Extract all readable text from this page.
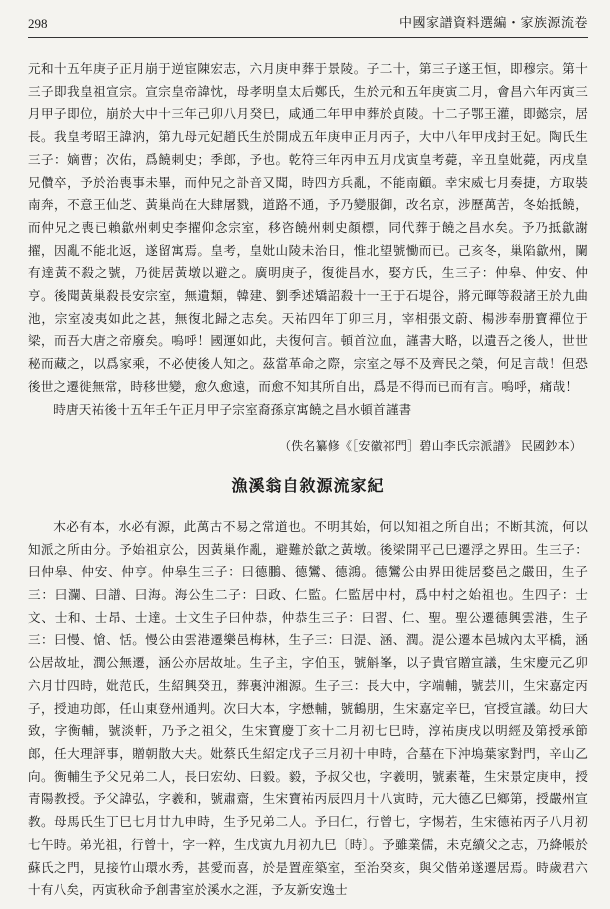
298	中國家譜資料選編・家族源流卷

元和十五年庚子正月崩于逆宦陳宏志，六月庚申葬于景陵。子二十，第三子遂王恒，即穆宗。第十三子即我皇祖宣宗。宣宗皇帝諱忱，母孝明皇太后鄭氏，生於元和五年庚寅二月，會昌六年丙寅三月甲子即位，崩於大中十三年己卯八月癸巳，咸通二年甲申葬於貞陵。十二子鄂王灌，即懿宗，居長。我皇考昭王諱汭，第九母元妃趙氏生於開成五年庚申正月丙子，大中八年甲戌封王妃。陶氏生三子：嫡曹；次佑，爲饒刺史；季郎，予也。乾符三年丙申五月戊寅皇考薨，辛丑皇妣薨，丙戌皇兄儹卒，予於治喪事未畢，而仲兄之訃音又聞，時四方兵亂，不能南顧。幸宋威七月奏捷，方取裝南奔，不意王仙芝、黃巢尚在大肆屠戮，道路不通，予乃變服御，改名京，涉歷萬苦，冬始抵饒，而仲兄之喪已賴歙州刺史李擢仰念宗室，移咨饒州刺史顏標，同代葬于饒之昌水矣。予乃抵歙謝擢，因亂不能北返，遂留寓焉。皇考，皇妣山陵未治日，惟北望號慟而已。己亥冬，巢陷歙州，闌有達黃不殺之號，乃徙居黃墩以避之。廣明庚子，復徙昌水，娶方氏，生三子：仲皋、仲安、仲亨。後聞黃巢殺長安宗室，無遺類，韓建、劉季述矯詔殺十一王于石堤谷，將元暉等殺諸王於九曲池，宗室凌夷如此之甚，無復北歸之志矣。天祐四年丁卯三月，宰相張文蔚、楊涉奉册寶禪位于梁，而吾大唐之帝廢矣。嗚呼！國運如此，夫復何言。頓首泣血，謹書大略，以遺吾之後人，世世秘而藏之，以爲家乘，不必使後人知之。茲當革命之際，宗室之辱不及齊民之榮，何足言哉！但恐後世之遷徙無常，時移世變，愈久愈遠，而愈不知其所自出，爲是不得而已而有言。嗚呼，痛哉！

時唐天祐後十五年壬午正月甲子宗室裔孫京寓饒之昌水頓首謹書

（佚名纂修《［安徽祁門］碧山李氏宗派譜》 民國鈔本）
漁溪翁自敘源流家紀

木必有本，水必有源，此萬古不易之常道也。不明其始，何以知祖之所自出；不断其流，何以知派之所由分。予始祖京公，因黃巢作亂，避難於歙之黃墩。後梁開平己巳遷浮之界田。生三子：曰仲皋、仲安、仲亨。仲皋生三子：曰德鵬、德鸞、德鴻。德鸞公由界田徙居婺邑之嚴田，生子三：曰瀾、曰譜、曰海。海公生二子：曰政、仁監。仁監居中村，爲中村之始祖也。生四子：士文、士和、士昂、士達。士文生子曰仲恭，仲恭生三子：曰習、仁、聖。聖公遷德興雲港，生子三：曰慢、愴、恬。慢公由雲港遷樂邑梅林，生子三：曰湜、涵、潤。湜公遷本邑城內太平橋，涵公居故址，潤公無遷，涵公亦居故址。生子主，字伯玉，號斛峯，以子貴官贈宣議，生宋慶元乙卯六月廿四時，妣范氏，生紹興癸丑，葬裏沖湘源。生子三：長大中，字端輔，號芸川，生宋嘉定丙子，授迪功郎，任山東登州通判。次曰大本，字懋輔，號鶴朋，生宋嘉定辛巳，官授宣議。幼曰大致，字衡輔，號淡軒，乃予之祖父，生宋寶慶丁亥十二月初七巳時，淳祐庚戌以明經及第授承節郎，任大理評事，贈朝散大夫。妣蔡氏生紹定戊子三月初十申時，合墓在下沖塢葉家對門，辛山乙向。衡輔生予父兄弟二人，長曰宏幼、曰毅。毅，予叔父也，字羲明，號素菴，生宋景定庚申，授青陽教授。予父諱弘，字羲和，號肅齋，生宋寶祐丙辰四月十八寅時，元大德乙巳鄉第，授嚴州宣教。母馬氏生丁巳七月廿九申時，生予兄弟二人。予曰仁，行曾七，字惕若，生宋德祐丙子八月初七午時。弟光祖，行曾十，字一粹，生戊寅九月初九巳〔時〕。予雖業儒，未克續父之志，乃絳帳於蘇氏之門，見接竹山環水秀，甚愛而喜，於是置産築室，至治癸亥，與父偕弟遂遷居焉。時歲君六十有八矣，丙寅秋命予創書室於溪水之涯，予友新安逸士
